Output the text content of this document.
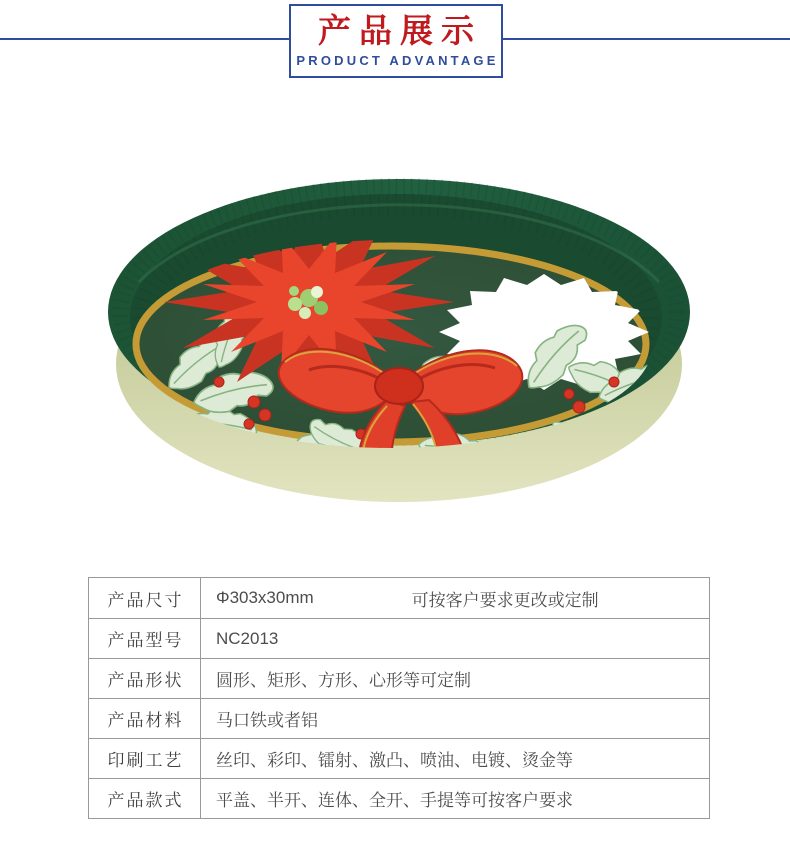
产品展示
PRODUCT ADVANTAGE
产品尺寸	Φ303x30mm	可按客户要求更改或定制
产品型号	NC2013
产品形状	圆形、矩形、方形、心形等可定制
产品材料	马口铁或者铝
印刷工艺	丝印、彩印、镭射、激凸、喷油、电镀、烫金等
产品款式	平盖、半开、连体、全开、手提等可按客户要求
